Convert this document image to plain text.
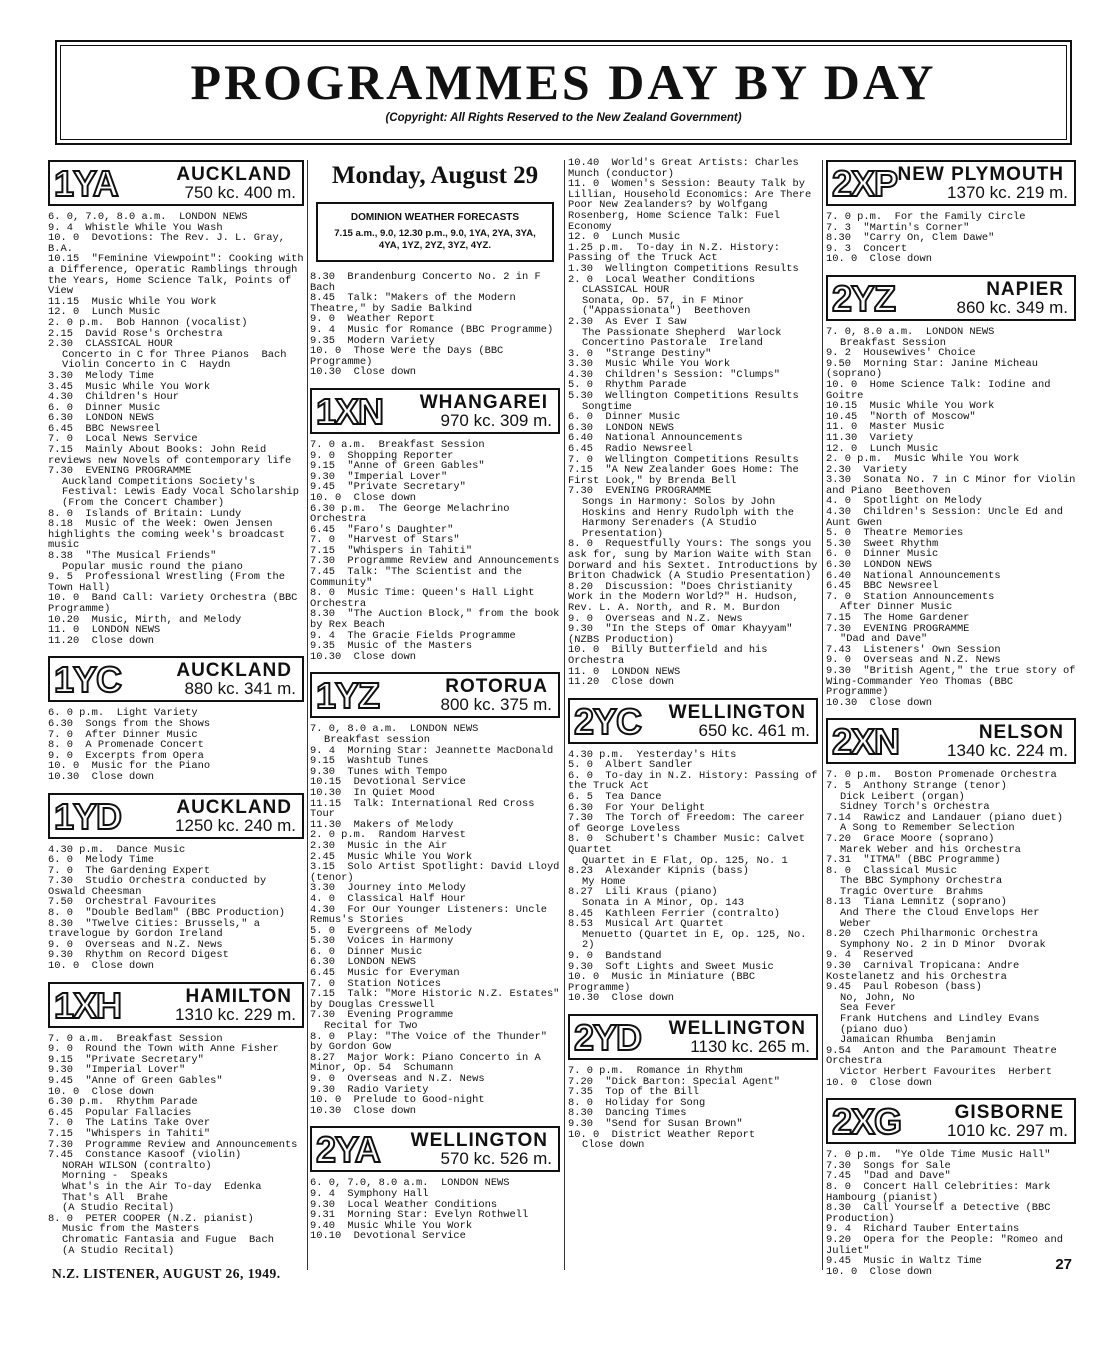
PROGRAMMES DAY BY DAY
(Copyright: All Rights Reserved to the New Zealand Government)
1YA	AUCKLAND
750 kc. 400 m.
6. 0, 7.0, 8.0 a.m.  LONDON NEWS
9. 4  Whistle While You Wash
10. 0  Devotions: The Rev. J. L. Gray, B.A.
10.15  "Feminine Viewpoint": Cooking with a Difference, Operatic Ramblings through the Years, Home Science Talk, Points of View
11.15  Music While You Work
12. 0  Lunch Music
2. 0 p.m.  Bob Hannon (vocalist)
2.15  David Rose's Orchestra
2.30  CLASSICAL HOUR
Concerto in C for Three Pianos  Bach
Violin Concerto in C  Haydn
3.30  Melody Time
3.45  Music While You Work
4.30  Children's Hour
6. 0  Dinner Music
6.30  LONDON NEWS
6.45  BBC Newsreel
7. 0  Local News Service
7.15  Mainly About Books: John Reid reviews new Novels of contemporary life
7.30  EVENING PROGRAMME
Auckland Competitions Society's Festival: Lewis Eady Vocal Scholarship (From the Concert Chamber)
8. 0  Islands of Britain: Lundy
8.18  Music of the Week: Owen Jensen highlights the coming week's broadcast music
8.38  "The Musical Friends"
Popular music round the piano
9. 5  Professional Wrestling (From the Town Hall)
10. 0  Band Call: Variety Orchestra (BBC Programme)
10.20  Music, Mirth, and Melody
11. 0  LONDON NEWS
11.20  Close down
1YC	AUCKLAND
880 kc. 341 m.
6. 0 p.m.  Light Variety
6.30  Songs from the Shows
7. 0  After Dinner Music
8. 0  A Promenade Concert
9. 0  Excerpts from Opera
10. 0  Music for the Piano
10.30  Close down
1YD	AUCKLAND
1250 kc. 240 m.
4.30 p.m.  Dance Music
6. 0  Melody Time
7. 0  The Gardening Expert
7.30  Studio Orchestra conducted by Oswald Cheesman
7.50  Orchestral Favourites
8. 0  "Double Bedlam" (BBC Production)
8.30  "Twelve Cities: Brussels," a travelogue by Gordon Ireland
9. 0  Overseas and N.Z. News
9.30  Rhythm on Record Digest
10. 0  Close down
1XH	HAMILTON
1310 kc. 229 m.
7. 0 a.m.  Breakfast Session
9. 0  Round the Town with Anne Fisher
9.15  "Private Secretary"
9.30  "Imperial Lover"
9.45  "Anne of Green Gables"
10. 0  Close down
6.30 p.m.  Rhythm Parade
6.45  Popular Fallacies
7. 0  The Latins Take Over
7.15  "Whispers in Tahiti"
7.30  Programme Review and Announcements
7.45  Constance Kasoof (violin)
NORAH WILSON (contralto)
Morning -  Speaks
What's in the Air To-day  Edenka
That's All  Brahe
(A Studio Recital)
8. 0  PETER COOPER (N.Z. pianist)
Music from the Masters
Chromatic Fantasia and Fugue  Bach
(A Studio Recital)
Monday, August 29
DOMINION WEATHER FORECASTS
7.15 a.m., 9.0, 12.30 p.m., 9.0, 1YA, 2YA, 3YA, 4YA, 1YZ, 2YZ, 3YZ, 4YZ.
8.30  Brandenburg Concerto No. 2 in F  Bach
8.45  Talk: "Makers of the Modern Theatre," by Sadie Balkind
9. 0  Weather Report
9. 4  Music for Romance (BBC Programme)
9.35  Modern Variety
10. 0  Those Were the Days (BBC Programme)
10.30  Close down
1XN WHANGAREI
970 kc. 309 m.
7. 0 a.m.  Breakfast Session
9. 0  Shopping Reporter
9.15  "Anne of Green Gables"
9.30  "Imperial Lover"
9.45  "Private Secretary"
10. 0  Close down
6.30 p.m.  The George Melachrino Orchestra
6.45  "Faro's Daughter"
7. 0  "Harvest of Stars"
7.15  "Whispers in Tahiti"
7.30  Programme Review and Announcements
7.45  Talk: "The Scientist and the Community"
8. 0  Music Time: Queen's Hall Light Orchestra
8.30  "The Auction Block," from the book by Rex Beach
9. 4  The Gracie Fields Programme
9.35  Music of the Masters
10.30  Close down
1YZ	ROTORUA
800 kc. 375 m.
7. 0, 8.0 a.m.  LONDON NEWS
Breakfast session
9. 4  Morning Star: Jeannette MacDonald
9.15  Washtub Tunes
9.30  Tunes with Tempo
10.15  Devotional Service
10.30  In Quiet Mood
11.15  Talk: International Red Cross Tour
11.30  Makers of Melody
2. 0 p.m.  Random Harvest
2.30  Music in the Air
2.45  Music While You Work
3.15  Solo Artist Spotlight: David Lloyd (tenor)
3.30  Journey into Melody
4. 0  Classical Half Hour
4.30  For Our Younger Listeners: Uncle Remus's Stories
5. 0  Evergreens of Melody
5.30  Voices in Harmony
6. 0  Dinner Music
6.30  LONDON NEWS
6.45  Music for Everyman
7. 0  Station Notices
7.15  Talk: "More Historic N.Z. Estates" by Douglas Cresswell
7.30  Evening Programme
Recital for Two
8. 0  Play: "The Voice of the Thunder" by Gordon Gow
8.27  Major Work: Piano Concerto in A Minor, Op. 54  Schumann
9. 0  Overseas and N.Z. News
9.30  Radio Variety
10. 0  Prelude to Good-night
10.30  Close down
2YA WELLINGTON
570 kc. 526 m.
6. 0, 7.0, 8.0 a.m.  LONDON NEWS
9. 4  Symphony Hall
9.30  Local Weather Conditions
9.31  Morning Star: Evelyn Rothwell
9.40  Music While You Work
10.10  Devotional Service
10.40  World's Great Artists: Charles Munch (conductor)
11. 0  Women's Session: Beauty Talk by Lillian, Household Economics: Are There Poor New Zealanders? by Wolfgang Rosenberg, Home Science Talk: Fuel Economy
12. 0  Lunch Music
1.25 p.m.  To-day in N.Z. History: Passing of the Truck Act
1.30  Wellington Competitions Results
2. 0  Local Weather Conditions
CLASSICAL HOUR
Sonata, Op. 57, in F Minor ("Appassionata")  Beethoven
2.30  As Ever I Saw
The Passionate Shepherd  Warlock
Concertino Pastorale  Ireland
3. 0  "Strange Destiny"
3.30  Music While You Work
4.30  Children's Session: "Clumps"
5. 0  Rhythm Parade
5.30  Wellington Competitions Results
Songtime
6. 0  Dinner Music
6.30  LONDON NEWS
6.40  National Announcements
6.45  Radio Newsreel
7. 0  Wellington Competitions Results
7.15  "A New Zealander Goes Home: The First Look," by Brenda Bell
7.30  EVENING PROGRAMME
Songs in Harmony: Solos by John Hoskins and Henry Rudolph with the Harmony Serenaders (A Studio Presentation)
8. 0  Requestfully Yours: The songs you ask for, sung by Marion Waite with Stan Dorward and his Sextet. Introductions by Briton Chadwick (A Studio Presentation)
8.20  Discussion: "Does Christianity Work in the Modern World?" H. Hudson, Rev. L. A. North, and R. M. Burdon
9. 0  Overseas and N.Z. News
9.30  "In the Steps of Omar Khayyam" (NZBS Production)
10. 0  Billy Butterfield and his Orchestra
11. 0  LONDON NEWS
11.20  Close down
2YC WELLINGTON
650 kc. 461 m.
4.30 p.m.  Yesterday's Hits
5. 0  Albert Sandler
6. 0  To-day in N.Z. History: Passing of the Truck Act
6. 5  Tea Dance
6.30  For Your Delight
7.30  The Torch of Freedom: The career of George Loveless
8. 0  Schubert's Chamber Music: Calvet Quartet
Quartet in E Flat, Op. 125, No. 1
8.23  Alexander Kipnis (bass)
My Home
8.27  Lili Kraus (piano)
Sonata in A Minor, Op. 143
8.45  Kathleen Ferrier (contralto)
8.53  Musical Art Quartet
Menuetto (Quartet in E, Op. 125, No. 2)
9. 0  Bandstand
9.30  Soft Lights and Sweet Music
10. 0  Music in Miniature (BBC Programme)
10.30  Close down
2YD WELLINGTON
1130 kc. 265 m.
7. 0 p.m.  Romance in Rhythm
7.20  "Dick Barton: Special Agent"
7.35  Top of the Bill
8. 0  Holiday for Song
8.30  Dancing Times
9.30  "Send for Susan Brown"
10. 0  District Weather Report
Close down
2XP NEW PLYMOUTH
1370 kc. 219 m.
7. 0 p.m.  For the Family Circle
7. 3  "Martin's Corner"
8.30  "Carry On, Clem Dawe"
9. 3  Concert
10. 0  Close down
2YZ	NAPIER
860 kc. 349 m.
7. 0, 8.0 a.m.  LONDON NEWS
Breakfast Session
9. 2  Housewives' Choice
9.50  Morning Star: Janine Micheau (soprano)
10. 0  Home Science Talk: Iodine and Goitre
10.15  Music While You Work
10.45  "North of Moscow"
11. 0  Master Music
11.30  Variety
12. 0  Lunch Music
2. 0 p.m.  Music While You Work
2.30  Variety
3.30  Sonata No. 7 in C Minor for Violin and Piano  Beethoven
4. 0  Spotlight on Melody
4.30  Children's Session: Uncle Ed and Aunt Gwen
5. 0  Theatre Memories
5.30  Sweet Rhythm
6. 0  Dinner Music
6.30  LONDON NEWS
6.40  National Announcements
6.45  BBC Newsreel
7. 0  Station Announcements
After Dinner Music
7.15  The Home Gardener
7.30  EVENING PROGRAMME
"Dad and Dave"
7.43  Listeners' Own Session
9. 0  Overseas and N.Z. News
9.30  "British Agent," the true story of Wing-Commander Yeo Thomas (BBC Programme)
10.30  Close down
2XN	NELSON
1340 kc. 224 m.
7. 0 p.m.  Boston Promenade Orchestra
7. 5  Anthony Strange (tenor)
Dick Leibert (organ)
Sidney Torch's Orchestra
7.14  Rawicz and Landauer (piano duet)
A Song to Remember Selection
7.20  Grace Moore (soprano)
Marek Weber and his Orchestra
7.31  "ITMA" (BBC Programme)
8. 0  Classical Music
The BBC Symphony Orchestra
Tragic Overture  Brahms
8.13  Tiana Lemnitz (soprano)
And There the Cloud Envelops Her  Weber
8.20  Czech Philharmonic Orchestra
Symphony No. 2 in D Minor  Dvorak
9. 4  Reserved
9.30  Carnival Tropicana: Andre Kostelanetz and his Orchestra
9.45  Paul Robeson (bass)
No, John, No
Sea Fever
Frank Hutchens and Lindley Evans (piano duo)
Jamaican Rhumba  Benjamin
9.54  Anton and the Paramount Theatre Orchestra
Victor Herbert Favourites  Herbert
10. 0  Close down
2XG	GISBORNE
1010 kc. 297 m.
7. 0 p.m.  "Ye Olde Time Music Hall"
7.30  Songs for Sale
7.45  "Dad and Dave"
8. 0  Concert Hall Celebrities: Mark Hambourg (pianist)
8.30  Call Yourself a Detective (BBC Production)
9. 4  Richard Tauber Entertains
9.20  Opera for the People: "Romeo and Juliet"
9.45  Music in Waltz Time
10. 0  Close down
N.Z. LISTENER, AUGUST 26, 1949.
27
